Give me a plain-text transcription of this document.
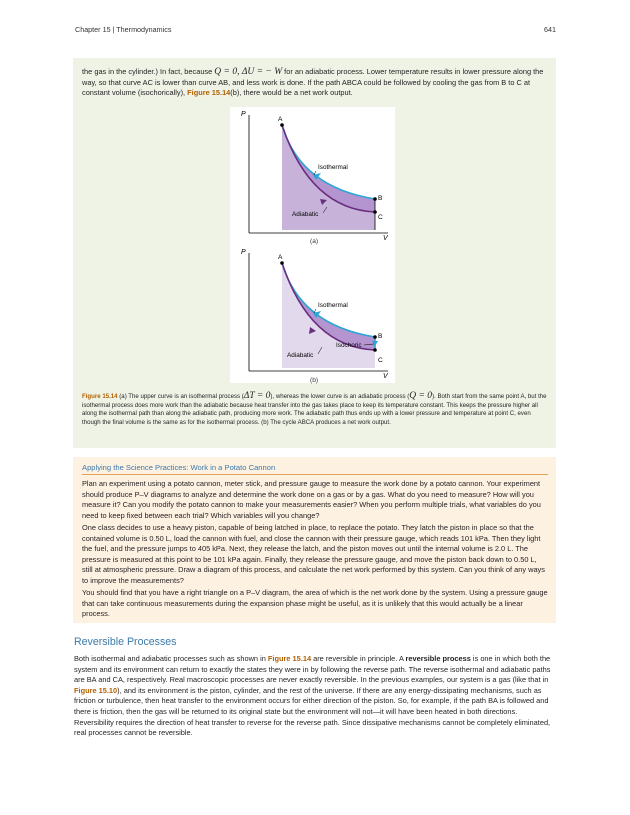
Chapter 15 | Thermodynamics	641

the gas in the cylinder.) In fact, because Q = 0, ΔU = − W for an adiabatic process. Lower temperature results in lower pressure along the way, so that curve AC is lower than curve AB, and less work is done. If the path ABCA could be followed by cooling the gas from B to C at constant volume (isochorically), Figure 15.14(b), there would be a net work output.

P
V
A
B
C
Isothermal
Adiabatic
(a)
P
V
A
B
C
Isothermal
Isochoric
Adiabatic
(b)

Figure 15.14 (a) The upper curve is an isothermal process (ΔT = 0), whereas the lower curve is an adiabatic process (Q = 0). Both start from the same point A, but the isothermal process does more work than the adiabatic because heat transfer into the gas takes place to keep its temperature constant. This keeps the pressure higher all along the isothermal path than along the adiabatic path, producing more work. The adiabatic path thus ends up with a lower pressure and temperature at point C, even though the final volume is the same as for the isothermal process. (b) The cycle ABCA produces a net work output.

Applying the Science Practices: Work in a Potato Cannon

Plan an experiment using a potato cannon, meter stick, and pressure gauge to measure the work done by a potato cannon. Your experiment should produce P–V diagrams to analyze and determine the work done on a gas or by a gas. What do you need to measure? How will you measure it? Can you modify the potato cannon to make your measurements easier? When you perform multiple trials, what variables do you need to keep fixed between each trial? Which variables will you change?

One class decides to use a heavy piston, capable of being latched in place, to replace the potato. They latch the piston in place so that the contained volume is 0.50 L, load the cannon with fuel, and close the cannon with their pressure gauge, which reads 101 kPa. Then they light the fuel, and the pressure jumps to 405 kPa. Next, they release the latch, and the piston moves out until the internal volume is 2.0 L. The pressure is measured at this point to be 101 kPa again. Finally, they release the pressure gauge, and move the piston back down to 0.50 L, still at atmospheric pressure. Draw a diagram of this process, and calculate the net work performed by this system. Can you think of any ways to improve the measurements?

You should find that you have a right triangle on a P–V diagram, the area of which is the net work done by the system. Using a pressure gauge that can take continuous measurements during the expansion phase might be useful, as it is unlikely that this would actually be a linear process.

Reversible Processes

Both isothermal and adiabatic processes such as shown in Figure 15.14 are reversible in principle. A reversible process is one in which both the system and its environment can return to exactly the states they were in by following the reverse path. The reverse isothermal and adiabatic paths are BA and CA, respectively. Real macroscopic processes are never exactly reversible. In the previous examples, our system is a gas (like that in Figure 15.10), and its environment is the piston, cylinder, and the rest of the universe. If there are any energy-dissipating mechanisms, such as friction or turbulence, then heat transfer to the environment occurs for either direction of the piston. So, for example, if the path BA is followed and there is friction, then the gas will be returned to its original state but the environment will not—it will have been heated in both directions. Reversibility requires the direction of heat transfer to reverse for the reverse path. Since dissipative mechanisms cannot be completely eliminated, real processes cannot be reversible.
